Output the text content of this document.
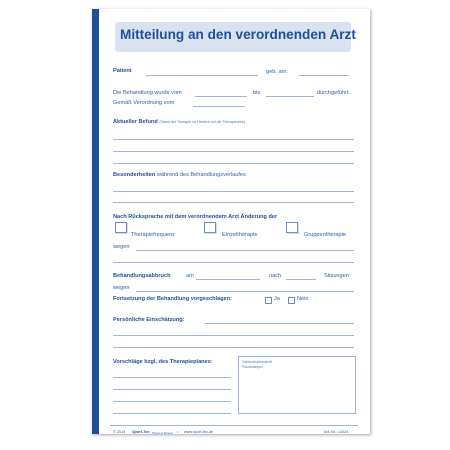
Mitteilung an den verordnenden Arzt
Patient	geb. am:
Die Behandlung wurde vom	bis	durchgeführt.
Gemäß Verordnung vom
Aktueller Befund (Stand der Therapie im Hinblick auf die Therapieziele)
Besonderheiten während des Behandlungsverlaufes
Nach Rücksprache mit dem verordnendem Arzt Änderung der
Therapiefrequenz	Einzeltherapie	Gruppentherapie
wegen
Behandlungsabbruch	am	nach	Sitzungen
wegen
Fortsetzung der Behandlung vorgeschlagen:	Ja	Nein
Persönliche Einschätzung:
Vorschläge bzgl. des Therapieplanes:	Gebäudeunterschrift
Praxisstempel
© 2014 Sport-Tec Physio & Fitness • www.sport-tec.de	Art.-Nr.: 11024
